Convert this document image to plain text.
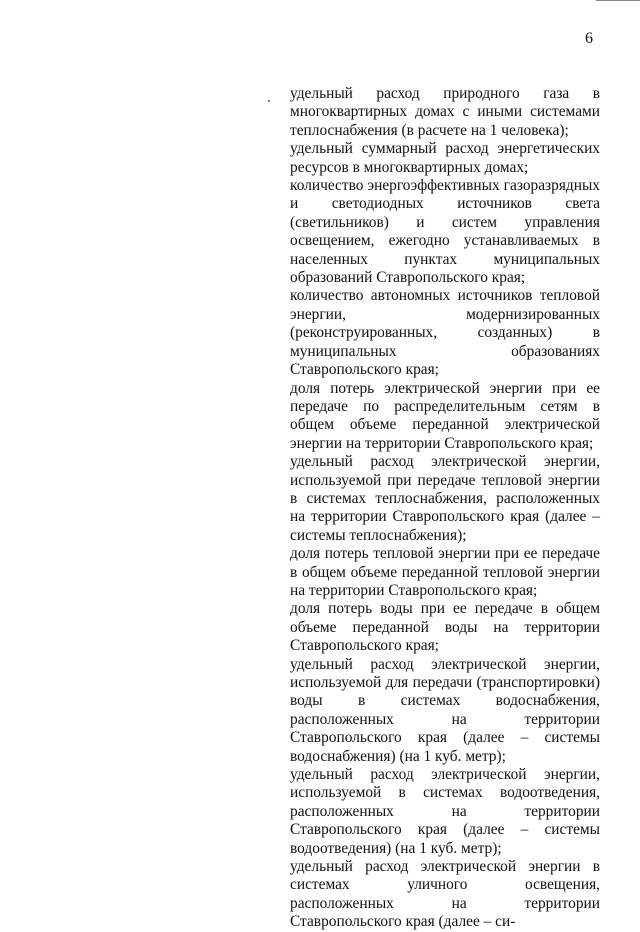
6

удельный расход природного газа в многоквартирных домах с иными системами теплоснабжения (в расчете на 1 человека);

удельный суммарный расход энергетических ресурсов в многоквартирных домах;

количество энергоэффективных газоразрядных и светодиодных источников света (светильников) и систем управления освещением, ежегодно устанавливаемых в населенных пунктах муниципальных образований Ставропольского края;

количество автономных источников тепловой энергии, модернизированных (реконструированных, созданных) в муниципальных образованиях Ставропольского края;

доля потерь электрической энергии при ее передаче по распределительным сетям в общем объеме переданной электрической энергии на территории Ставропольского края;

удельный расход электрической энергии, используемой при передаче тепловой энергии в системах теплоснабжения, расположенных на территории Ставропольского края (далее – системы теплоснабжения);

доля потерь тепловой энергии при ее передаче в общем объеме переданной тепловой энергии на территории Ставропольского края;

доля потерь воды при ее передаче в общем объеме переданной воды на территории Ставропольского края;

удельный расход электрической энергии, используемой для передачи (транспортировки) воды в системах водоснабжения, расположенных на территории Ставропольского края (далее – системы водоснабжения) (на 1 куб. метр);

удельный расход электрической энергии, используемой в системах водоотведения, расположенных на территории Ставропольского края (далее – системы водоотведения) (на 1 куб. метр);

удельный расход электрической энергии в системах уличного освещения, расположенных на территории Ставропольского края (далее – си-
